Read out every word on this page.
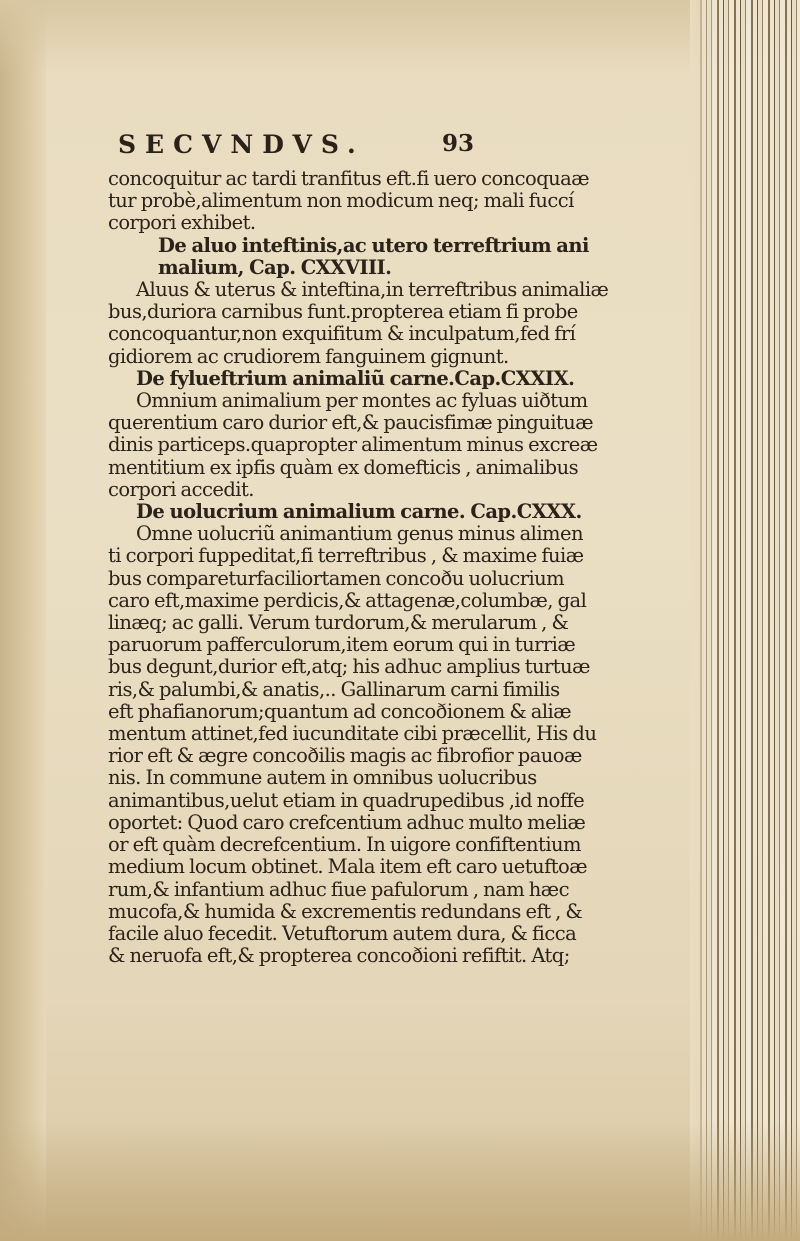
SECVNDVS.	93
concoquitur ac tardi tranfitus eft.fi uero concoquaæ
tur probè,alimentum non modicum neq; mali fuccí
corpori exhibet.
De aluo inteftinis,ac utero terreftrium ani
malium, Cap. CXXVIII.
Aluus & uterus & inteftina,in terreftribus animaliæ
bus,duriora carnibus funt.propterea etiam fi probe
concoquantur,non exquifitum & inculpatum,fed frí
gidiorem ac crudiorem fanguinem gignunt.
De fylueftrium animaliũ carne.Cap.CXXIX.
Omnium animalium per montes ac fyluas uiðtum
querentium caro durior eft,& paucisfimæ pinguituæ
dinis particeps.quapropter alimentum minus excreæ
mentitium ex ipfis quàm ex domefticis , animalibus
corpori accedit.
De uolucrium animalium carne. Cap.CXXX.
Omne uolucriũ animantium genus minus alimen
ti corpori fuppeditat,fi terreftribus , & maxime fuiæ
bus compareturfaciliortamen concoðu uolucrium
caro eft,maxime perdicis,& attagenæ,columbæ, gal
linæq; ac galli. Verum turdorum,& merularum , &
paruorum pafferculorum,item eorum qui in turriæ
bus degunt,durior eft,atq; his adhuc amplius turtuæ
ris,& palumbi,& anatis,.. Gallinarum carni fimilis
eft phafianorum;quantum ad concoðionem & aliæ
mentum attinet,fed iucunditate cibi præcellit, His du
rior eft & ægre concoðilis magis ac fibrofior pauoæ
nis. In commune autem in omnibus uolucribus
animantibus,uelut etiam in quadrupedibus ,id noffe
oportet: Quod caro crefcentium adhuc multo meliæ
or eft quàm decrefcentium. In uigore confiftentium
medium locum obtinet. Mala item eft caro uetuftoæ
rum,& infantium adhuc fiue pafulorum , nam hæc
mucofa,& humida & excrementis redundans eft , &
facile aluo fecedit. Vetuftorum autem dura, & ficca
& neruofa eft,& propterea concoðioni refiftit. Atq;
